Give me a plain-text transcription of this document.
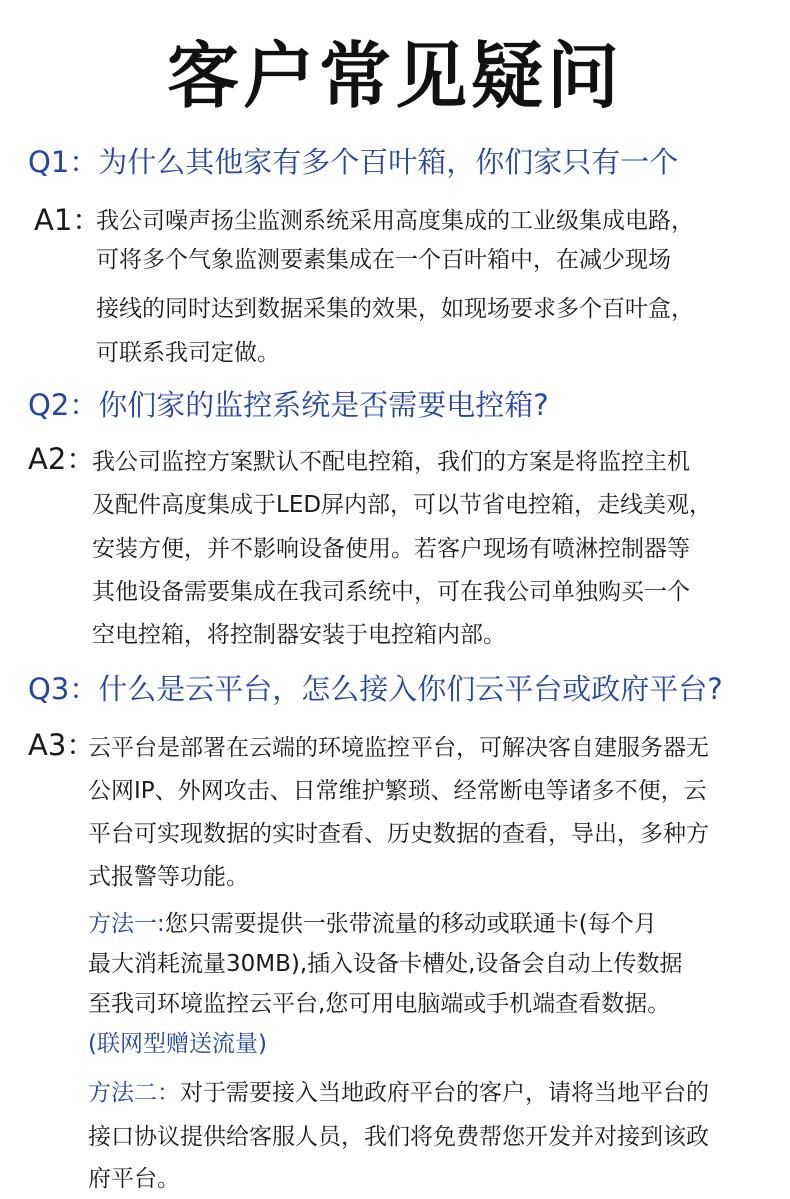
客户常见疑问
Q1：为什么其他家有多个百叶箱，你们家只有一个
A1：
我公司噪声扬尘监测系统采用高度集成的工业级集成电路，
可将多个气象监测要素集成在一个百叶箱中，在减少现场
接线的同时达到数据采集的效果，如现场要求多个百叶盒，
可联系我司定做。
Q2：你们家的监控系统是否需要电控箱?
A2：
我公司监控方案默认不配电控箱，我们的方案是将监控主机
及配件高度集成于LED屏内部，可以节省电控箱，走线美观，
安装方便，并不影响设备使用。若客户现场有喷淋控制器等
其他设备需要集成在我司系统中，可在我公司单独购买一个
空电控箱，将控制器安装于电控箱内部。
Q3：什么是云平台，怎么接入你们云平台或政府平台?
A3：
云平台是部署在云端的环境监控平台，可解决客自建服务器无
公网IP、外网攻击、日常维护繁琐、经常断电等诸多不便，云
平台可实现数据的实时查看、历史数据的查看，导出，多种方
式报警等功能。
方法一:您只需要提供一张带流量的移动或联通卡(每个月
最大消耗流量30MB),插入设备卡槽处,设备会自动上传数据
至我司环境监控云平台,您可用电脑端或手机端查看数据。
(联网型赠送流量)
方法二：对于需要接入当地政府平台的客户，请将当地平台的
接口协议提供给客服人员，我们将免费帮您开发并对接到该政
府平台。
